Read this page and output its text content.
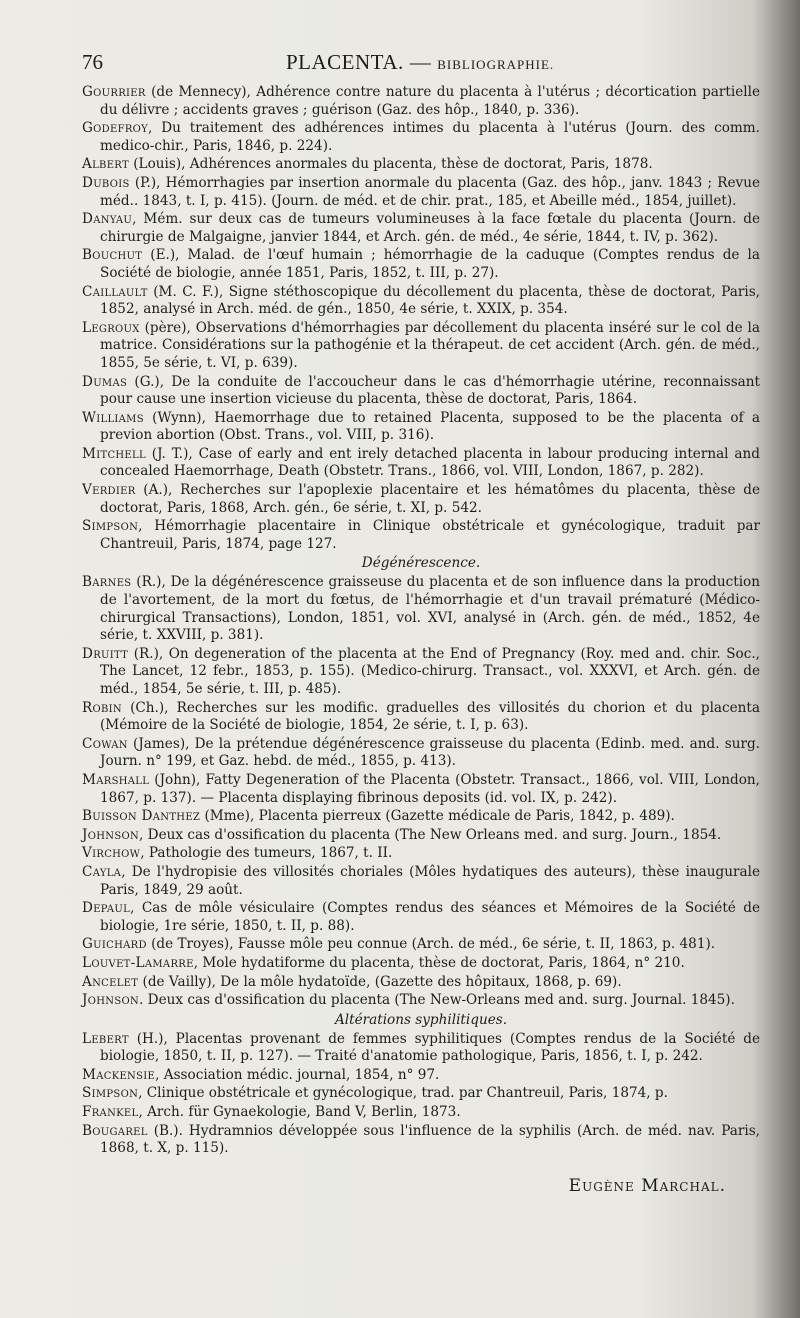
76	PLACENTA. — BIBLIOGRAPHIE.

Gourrier (de Mennecy), Adhérence contre nature du placenta à l'utérus ; décortication partielle du délivre ; accidents graves ; guérison (Gaz. des hôp., 1840, p. 336).

Godefroy, Du traitement des adhérences intimes du placenta à l'utérus (Journ. des comm. medico-chir., Paris, 1846, p. 224).

Albert (Louis), Adhérences anormales du placenta, thèse de doctorat, Paris, 1878.

Dubois (P.), Hémorrhagies par insertion anormale du placenta (Gaz. des hôp., janv. 1843 ; Revue méd.. 1843, t. I, p. 415). (Journ. de méd. et de chir. prat., 185, et Abeille méd., 1854, juillet).

Danyau, Mém. sur deux cas de tumeurs volumineuses à la face fœtale du placenta (Journ. de chirurgie de Malgaigne, janvier 1844, et Arch. gén. de méd., 4e série, 1844, t. IV, p. 362).

Bouchut (E.), Malad. de l'œuf humain ; hémorrhagie de la caduque (Comptes rendus de la Société de biologie, année 1851, Paris, 1852, t. III, p. 27).

Caillault (M. C. F.), Signe stéthoscopique du décollement du placenta, thèse de doctorat, Paris, 1852, analysé in Arch. méd. de gén., 1850, 4e série, t. XXIX, p. 354.

Legroux (père), Observations d'hémorrhagies par décollement du placenta inséré sur le col de la matrice. Considérations sur la pathogénie et la thérapeut. de cet accident (Arch. gén. de méd., 1855, 5e série, t. VI, p. 639).

Dumas (G.), De la conduite de l'accoucheur dans le cas d'hémorrhagie utérine, reconnaissant pour cause une insertion vicieuse du placenta, thèse de doctorat, Paris, 1864.

Williams (Wynn), Haemorrhage due to retained Placenta, supposed to be the placenta of a previon abortion (Obst. Trans., vol. VIII, p. 316).

Mitchell (J. T.), Case of early and ent irely detached placenta in labour producing internal and concealed Haemorrhage, Death (Obstetr. Trans., 1866, vol. VIII, London, 1867, p. 282).

Verdier (A.), Recherches sur l'apoplexie placentaire et les hématômes du placenta, thèse de doctorat, Paris, 1868, Arch. gén., 6e série, t. XI, p. 542.

Simpson, Hémorrhagie placentaire in Clinique obstétricale et gynécologique, traduit par Chantreuil, Paris, 1874, page 127.

Dégénérescence.

Barnes (R.), De la dégénérescence graisseuse du placenta et de son influence dans la production de l'avortement, de la mort du fœtus, de l'hémorrhagie et d'un travail prématuré (Médico-chirurgical Transactions), London, 1851, vol. XVI, analysé in (Arch. gén. de méd., 1852, 4e série, t. XXVIII, p. 381).

Druitt (R.), On degeneration of the placenta at the End of Pregnancy (Roy. med and. chir. Soc., The Lancet, 12 febr., 1853, p. 155). (Medico-chirurg. Transact., vol. XXXVI, et Arch. gén. de méd., 1854, 5e série, t. III, p. 485).

Robin (Ch.), Recherches sur les modific. graduelles des villosités du chorion et du placenta (Mémoire de la Société de biologie, 1854, 2e série, t. I, p. 63).

Cowan (James), De la prétendue dégénérescence graisseuse du placenta (Edinb. med. and. surg. Journ. n° 199, et Gaz. hebd. de méd., 1855, p. 413).

Marshall (John), Fatty Degeneration of the Placenta (Obstetr. Transact., 1866, vol. VIII, London, 1867, p. 137). — Placenta displaying fibrinous deposits (id. vol. IX, p. 242).

Buisson Danthez (Mme), Placenta pierreux (Gazette médicale de Paris, 1842, p. 489).

Johnson, Deux cas d'ossification du placenta (The New Orleans med. and surg. Journ., 1854.

Virchow, Pathologie des tumeurs, 1867, t. II.

Cayla, De l'hydropisie des villosités choriales (Môles hydatiques des auteurs), thèse inaugurale Paris, 1849, 29 août.

Depaul, Cas de môle vésiculaire (Comptes rendus des séances et Mémoires de la Société de biologie, 1re série, 1850, t. II, p. 88).

Guichard (de Troyes), Fausse môle peu connue (Arch. de méd., 6e série, t. II, 1863, p. 481).

Louvet-Lamarre, Mole hydatiforme du placenta, thèse de doctorat, Paris, 1864, n° 210.

Ancelet (de Vailly), De la môle hydatoïde, (Gazette des hôpitaux, 1868, p. 69).

Johnson. Deux cas d'ossification du placenta (The New-Orleans med and. surg. Journal. 1845).

Altérations syphilitiques.

Lebert (H.), Placentas provenant de femmes syphilitiques (Comptes rendus de la Société de biologie, 1850, t. II, p. 127). — Traité d'anatomie pathologique, Paris, 1856, t. I, p. 242.

Mackensie, Association médic. journal, 1854, n° 97.

Simpson, Clinique obstétricale et gynécologique, trad. par Chantreuil, Paris, 1874, p.

Frankel, Arch. für Gynaekologie, Band V, Berlin, 1873.

Bougarel (B.). Hydramnios développée sous l'influence de la syphilis (Arch. de méd. nav. Paris, 1868, t. X, p. 115).

Eugène Marchal.
